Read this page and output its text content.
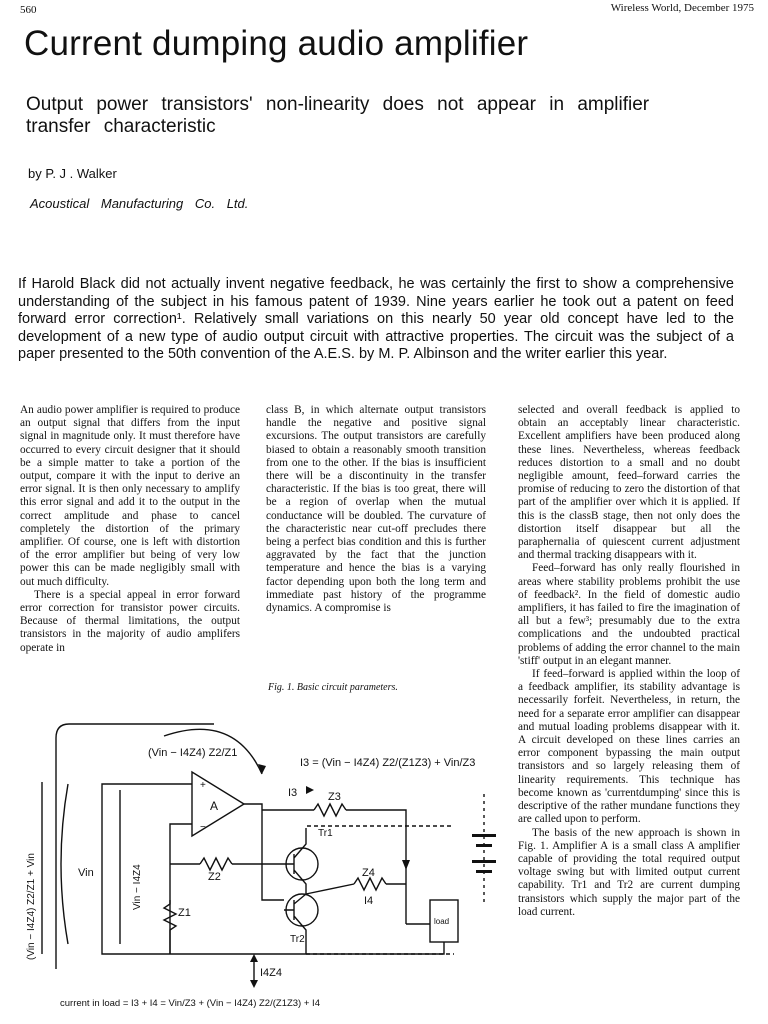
560	Wireless World, December 1975
Current dumping audio amplifier
Output power transistors' non-linearity does not appear in amplifier transfer characteristic
by P. J . Walker
Acoustical Manufacturing Co. Ltd.

If Harold Black did not actually invent negative feedback, he was certainly the first to show a comprehensive understanding of the subject in his famous patent of 1939. Nine years earlier he took out a patent on feed forward error correction¹. Relatively small variations on this nearly 50 year old concept have led to the development of a new type of audio output circuit with attractive properties. The circuit was the subject of a paper presented to the 50th convention of the A.E.S. by M. P. Albinson and the writer earlier this year.

An audio power amplifier is required to produce an output signal that differs from the input signal in magnitude only. It must therefore have occurred to every circuit designer that it should be a simple matter to take a portion of the output, compare it with the input to derive an error signal. It is then only necessary to amplify this error signal and add it to the output in the correct amplitude and phase to cancel completely the distortion of the primary amplifier. Of course, one is left with distortion of the error amplifier but being of very low power this can be made negligibly small with out much difficulty.

There is a special appeal in error forward error correction for transistor power circuits. Because of thermal limitations, the output transistors in the majority of audio amplifers operate in

class B, in which alternate output transistors handle the negative and positive signal excursions. The output transistors are carefully biased to obtain a reasonably smooth transition from one to the other. If the bias is insufficient there will be a discontinuity in the transfer characteristic. If the bias is too great, there will be a region of overlap when the mutual conductance will be doubled. The curvature of the characteristic near cut-off precludes there being a perfect bias condition and this is further aggravated by the fact that the junction temperature and hence the bias is a varying factor depending upon both the long term and immediate past history of the programme dynamics. A compromise is

selected and overall feedback is applied to obtain an acceptably linear characteristic. Excellent amplifiers have been produced along these lines. Nevertheless, whereas feedback reduces distortion to a small and no doubt negligible amount, feed–forward carries the promise of reducing to zero the distortion of that part of the amplifier over which it is applied. If this is the classB stage, then not only does the distortion itself disappear but all the paraphernalia of quiescent current adjustment and thermal tracking disappears with it.

Feed–forward has only really flourished in areas where stability problems prohibit the use of feedback². In the field of domestic audio amplifiers, it has failed to fire the imagination of all but a few³; presumably due to the extra complications and the undoubted practical problems of adding the error channel to the main 'stiff' output in an elegant manner.

If feed–forward is applied within the loop of a feedback amplifier, its stability advantage is necessarily forfeit. Nevertheless, in return, the need for a separate error amplifier can disappear and mutual loading problems disappear with it. A circuit developed on these lines carries an error component bypassing the main output transistors and so largely releasing them of linearity requirements. This technique has become known as 'currentdumping' since this is descriptive of the rather mundane functions they are called upon to perform.

The basis of the new approach is shown in Fig. 1. Amplifier A is a small class A amplifier capable of providing the total required output voltage swing but with limited output current capability. Tr1 and Tr2 are current dumping transistors which supply the major part of the load current.

Fig. 1. Basic circuit parameters.
(Vin − I4Z4) Z2/Z1
I3 = (Vin − I4Z4) Z2/(Z1Z3) + Vin/Z3
A
+
−
I3	Z3
Z2
Z1
Z4
I4
Tr1
Tr2
Vin	Vin − I4Z4
(Vin − I4Z4) Z2/Z1 + Vin
I4Z4
load
current in load = I3 + I4 = Vin/Z3 + (Vin − I4Z4) Z2/(Z1Z3) + I4
